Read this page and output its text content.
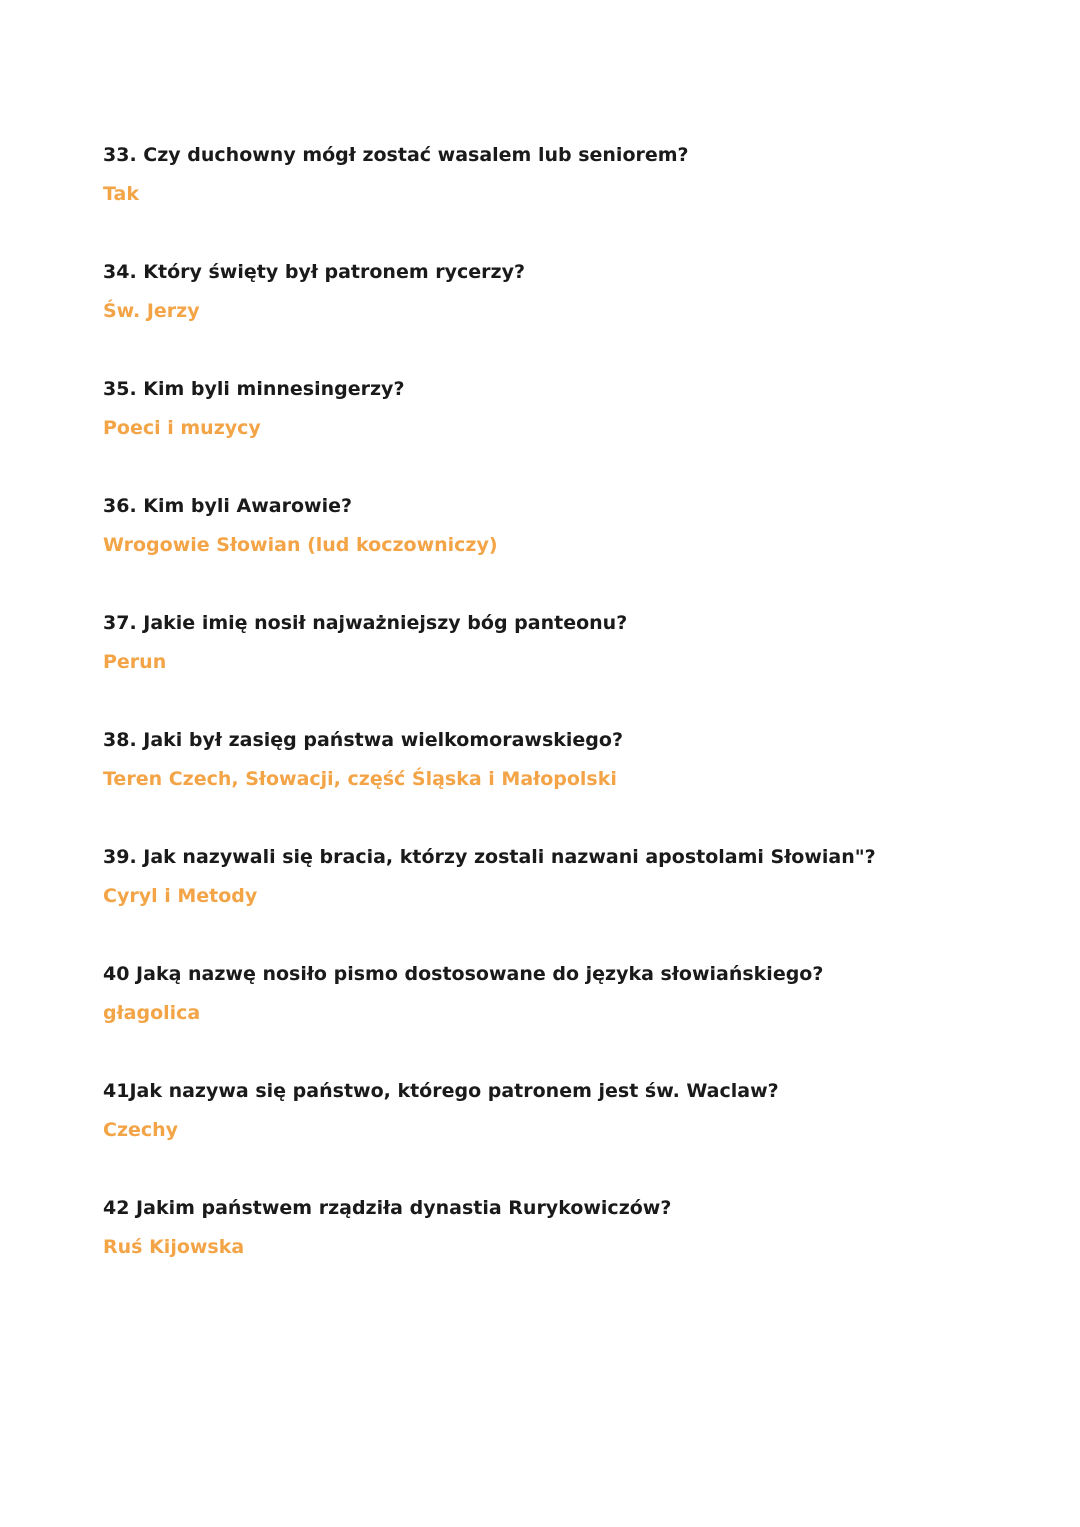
33. Czy duchowny mógł zostać wasalem lub seniorem?
Tak
34. Który święty był patronem rycerzy?
Św. Jerzy
35. Kim byli minnesingerzy?
Poeci i muzycy
36. Kim byli Awarowie?
Wrogowie Słowian (lud koczowniczy)
37. Jakie imię nosił najważniejszy bóg panteonu?
Perun
38. Jaki był zasięg państwa wielkomorawskiego?
Teren Czech, Słowacji, część Śląska i Małopolski
39. Jak nazywali się bracia, którzy zostali nazwani apostolami Słowian"?
Cyryl i Metody
40 Jaką nazwę nosiło pismo dostosowane do języka słowiańskiego?
głagolica
41Jak nazywa się państwo, którego patronem jest św. Waclaw?
Czechy
42 Jakim państwem rządziła dynastia Rurykowiczów?
Ruś Kijowska
